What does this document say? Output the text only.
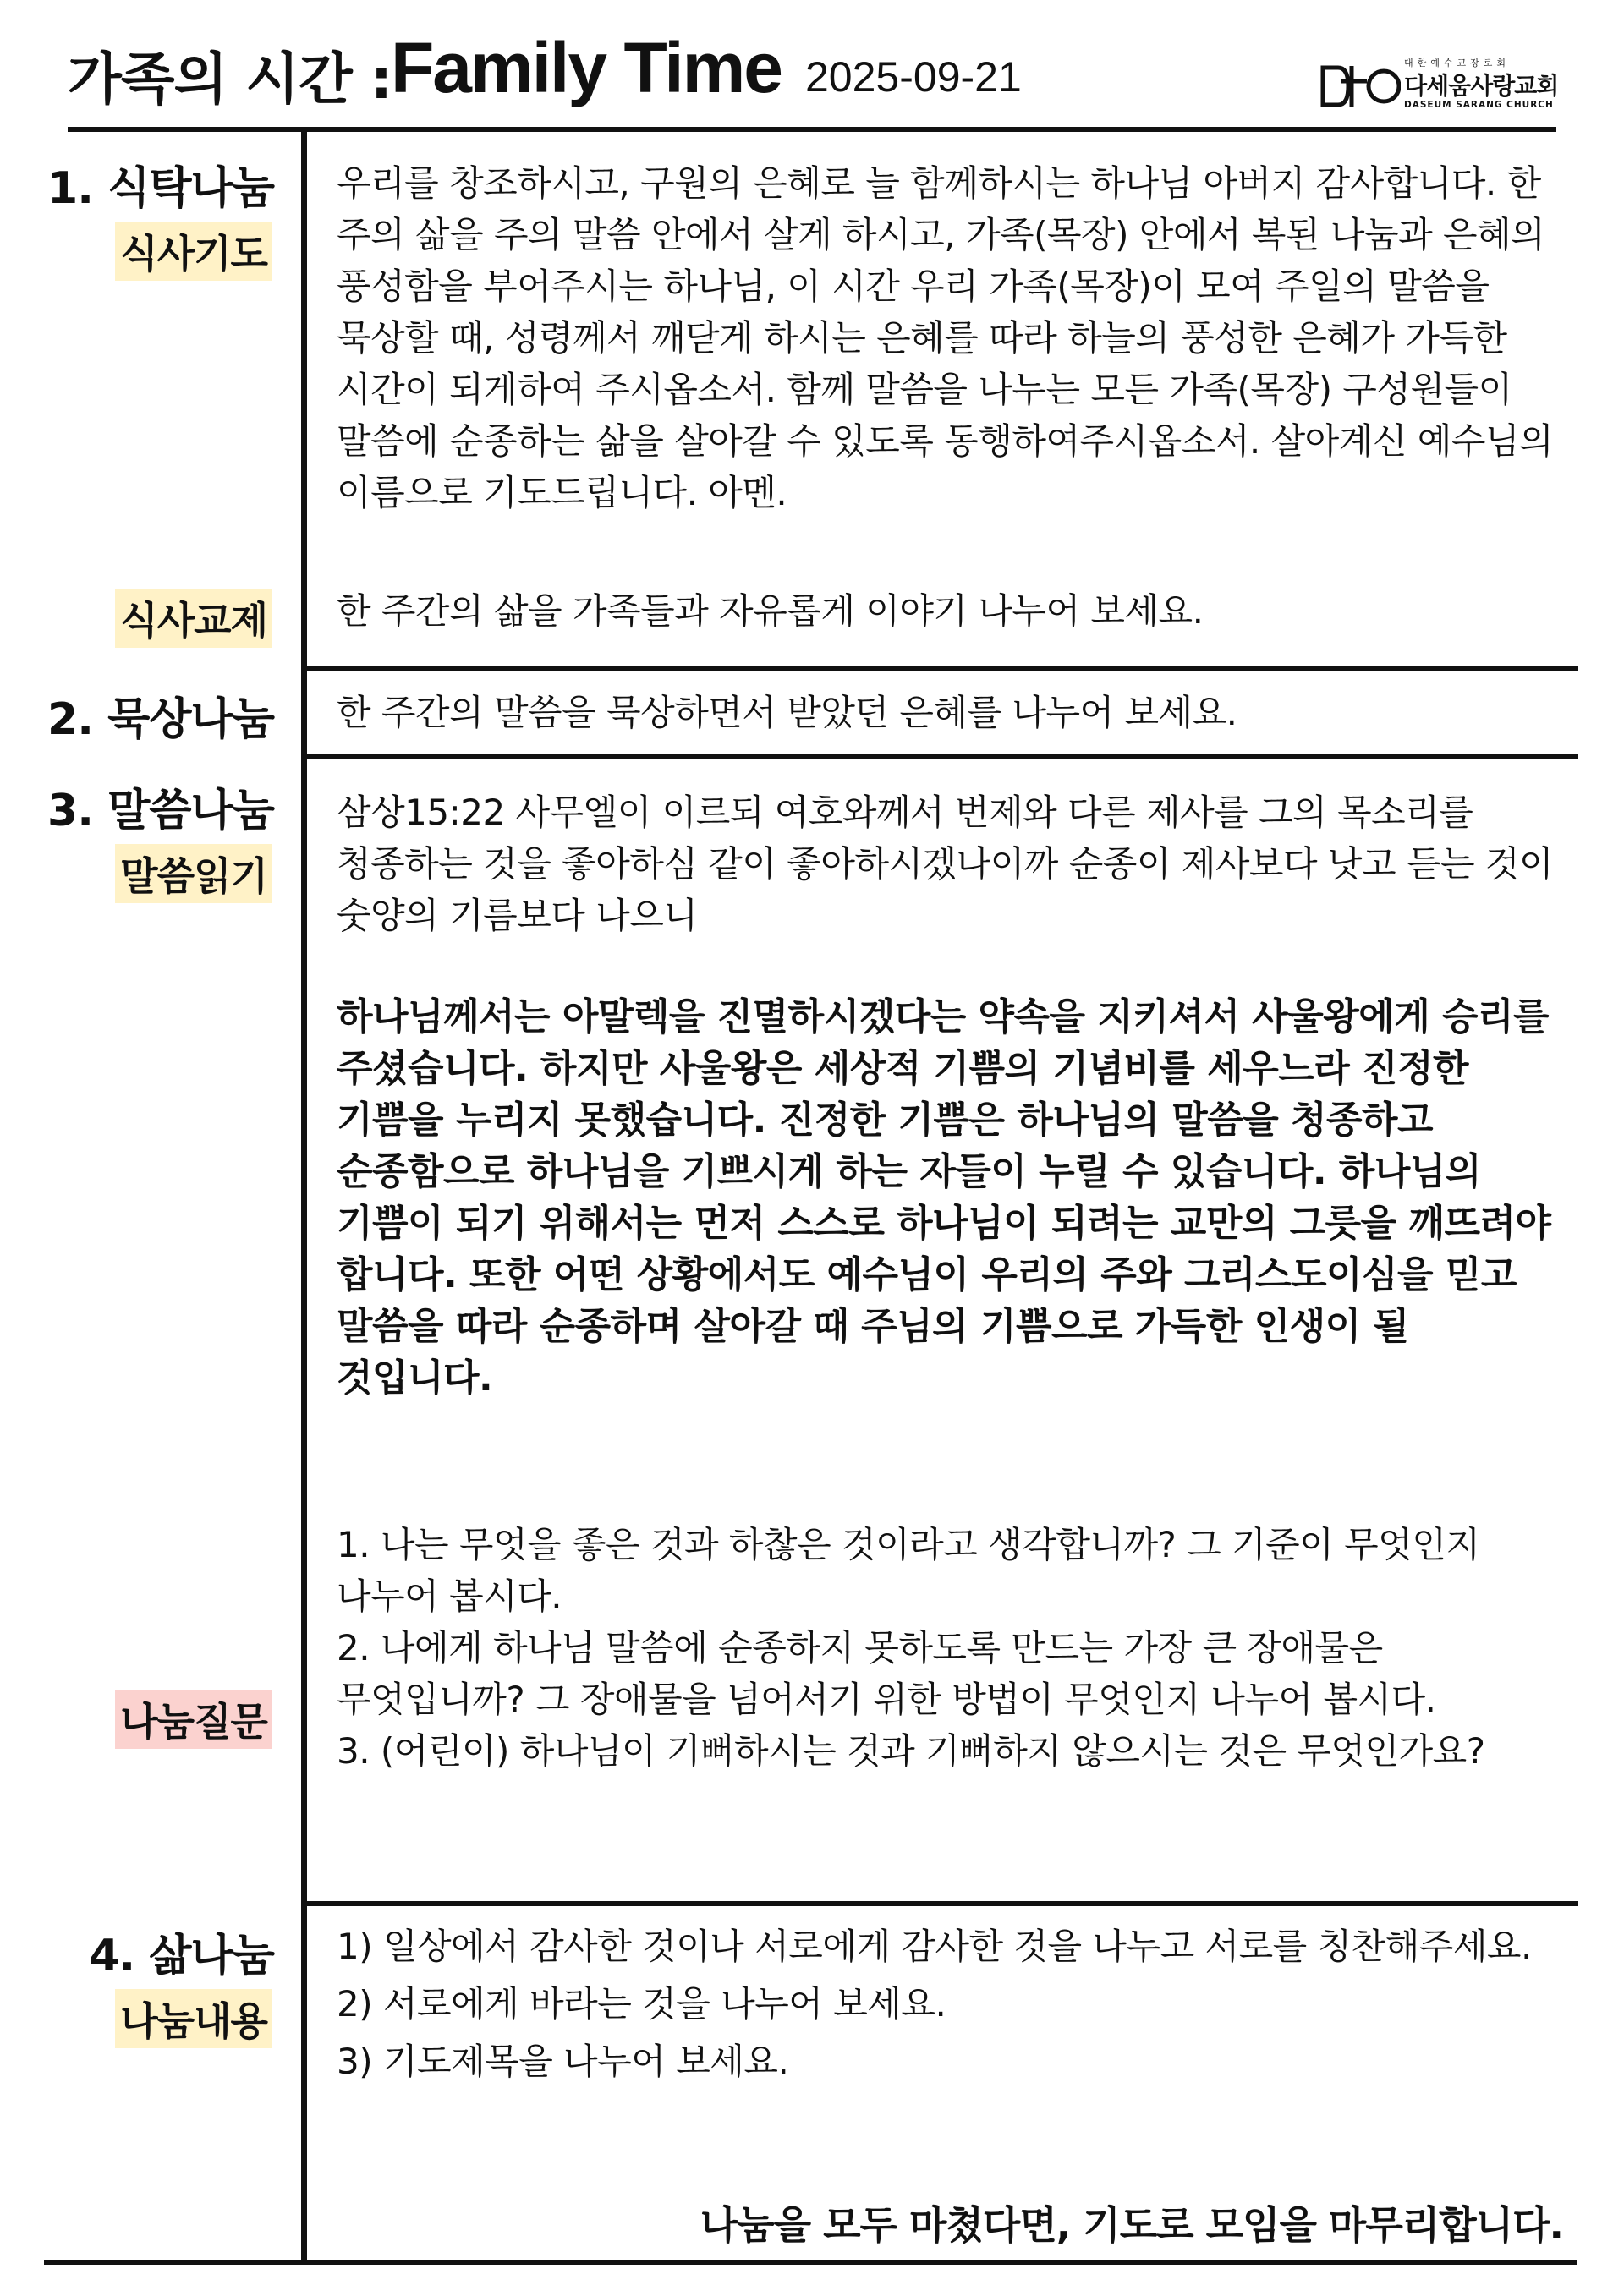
가족의 시간 :
Family Time 2025-09-21	대한예수교장로회
다세움사랑교회
DASEUM SARANG CHURCH
1. 식탁나눔
식사기도

우리를 창조하시고, 구원의 은혜로 늘 함께하시는 하나님 아버지 감사합니다. 한 주의 삶을 주의 말씀 안에서 살게 하시고, 가족(목장) 안에서 복된 나눔과 은혜의 풍성함을 부어주시는 하나님, 이 시간 우리 가족(목장)이 모여 주일의 말씀을 묵상할 때, 성령께서 깨닫게 하시는 은혜를 따라 하늘의 풍성한 은혜가 가득한 시간이 되게하여 주시옵소서. 함께 말씀을 나누는 모든 가족(목장) 구성원들이 말씀에 순종하는 삶을 살아갈 수 있도록 동행하여주시옵소서. 살아계신 예수님의 이름으로 기도드립니다. 아멘.

식사교제 한 주간의 삶을 가족들과 자유롭게 이야기 나누어 보세요.
2. 묵상나눔 한 주간의 말씀을 묵상하면서 받았던 은혜를 나누어 보세요.
3. 말씀나눔
말씀읽기
삼상15:22 사무엘이 이르되 여호와께서 번제와 다른 제사를 그의 목소리를 청종하는 것을 좋아하심 같이 좋아하시겠나이까 순종이 제사보다 낫고 듣는 것이 숫양의 기름보다 나으니
하나님께서는 아말렉을 진멸하시겠다는 약속을 지키셔서 사울왕에게 승리를 주셨습니다. 하지만 사울왕은 세상적 기쁨의 기념비를 세우느라 진정한 기쁨을 누리지 못했습니다. 진정한 기쁨은 하나님의 말씀을 청종하고 순종함으로 하나님을 기쁘시게 하는 자들이 누릴 수 있습니다. 하나님의 기쁨이 되기 위해서는 먼저 스스로 하나님이 되려는 교만의 그릇을 깨뜨려야 합니다. 또한 어떤 상황에서도 예수님이 우리의 주와 그리스도이심을 믿고 말씀을 따라 순종하며 살아갈 때 주님의 기쁨으로 가득한 인생이 될 것입니다.
나눔질문

1. 나는 무엇을 좋은 것과 하찮은 것이라고 생각합니까? 그 기준이 무엇인지 나누어 봅시다.

2. 나에게 하나님 말씀에 순종하지 못하도록 만드는 가장 큰 장애물은 무엇입니까? 그 장애물을 넘어서기 위한 방법이 무엇인지 나누어 봅시다.

3. (어린이) 하나님이 기뻐하시는 것과 기뻐하지 않으시는 것은 무엇인가요?

4. 삶나눔
나눔내용

1) 일상에서 감사한 것이나 서로에게 감사한 것을 나누고 서로를 칭찬해주세요.

2) 서로에게 바라는 것을 나누어 보세요.

3) 기도제목을 나누어 보세요.

나눔을 모두 마쳤다면, 기도로 모임을 마무리합니다.
